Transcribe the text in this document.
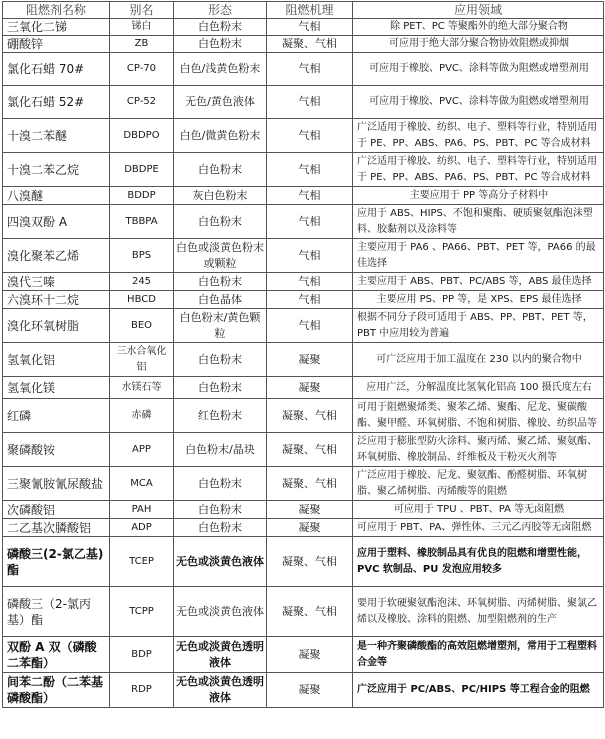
阻燃剂名称	别名	形态	阻燃机理	应用领域
三氧化二锑	锑白	白色粉末	气相	除 PET、PC 等聚酯外的绝大部分聚合物
硼酸锌	ZB	白色粉末	凝聚、气相	可应用于绝大部分聚合物协效阻燃或抑烟
氯化石蜡 70#	CP-70	白色/浅黄色粉末	气相	可应用于橡胶、PVC、涂料等做为阻燃或增塑剂用
氯化石蜡 52#	CP-52	无色/黄色液体	气相	可应用于橡胶、PVC、涂料等做为阻燃或增塑剂用
十溴二苯醚	DBDPO	白色/微黄色粉末	气相	广泛适用于橡胶、纺织、电子、塑料等行业，特别适用于 PE、PP、ABS、PA6、PS、PBT、PC 等合成材料
十溴二苯乙烷	DBDPE	白色粉末	气相	广泛适用于橡胶、纺织、电子、塑料等行业，特别适用于 PE、PP、ABS、PA6、PS、PBT、PC 等合成材料
八溴醚	BDDP	灰白色粉末	气相	主要应用于 PP 等高分子材料中
四溴双酚 A	TBBPA	白色粉末	气相	应用于 ABS、HIPS、不饱和聚酯、硬质聚氨酯泡沫塑料、胶黏剂以及涂料等
溴化聚苯乙烯	BPS	白色或淡黄色粉末或颗粒	气相	主要应用于 PA6 、PA66、PBT、PET 等，PA66 的最佳选择
溴代三嗪	245	白色粉末	气相	主要应用于 ABS、PBT、PC/ABS 等，ABS 最佳选择
六溴环十二烷	HBCD	白色晶体	气相	主要应用 PS、PP 等，是 XPS、EPS 最佳选择
溴化环氧树脂	BEO	白色粉末/黄色颗粒	气相	根据不同分子段可适用于 ABS、PP、PBT、PET 等，PBT 中应用较为普遍
氢氧化铝	三水合氧化铝	白色粉末	凝聚	可广泛应用于加工温度在 230 以内的聚合物中
氢氧化镁	水镁石等	白色粉末	凝聚	应用广泛，分解温度比氢氧化铝高 100 摄氏度左右
红磷	赤磷	红色粉末	凝聚、气相	可用于阻燃聚烯类、聚苯乙烯、聚酯、尼龙、聚碳酸酯、聚甲醛、环氧树脂、不饱和树脂、橡胶、纺织品等
聚磷酸铵	APP	白色粉末/晶块	凝聚、气相	泛应用于膨胀型防火涂料、聚丙烯、聚乙烯、聚氨酯、环氧树脂、橡胶制品、纤维板及干粉灭火剂等
三聚氰胺氰尿酸盐	MCA	白色粉末	凝聚、气相	广泛应用于橡胶、尼龙、聚氨酯、酚醛树脂、环氧树脂、聚乙烯树脂、丙烯酸等的阻燃
次磷酸铝	PAH	白色粉末	凝聚	可应用于 TPU 、PBT、PA 等无卤阻燃
二乙基次膦酸铝	ADP	白色粉末	凝聚	可应用于 PBT、PA、弹性体、三元乙丙胶等无卤阻燃
磷酸三(2-氯乙基)酯	TCEP	无色或淡黄色液体	凝聚、气相	应用于塑料、橡胶制品具有优良的阻燃和增塑性能，PVC 软制品、PU 发泡应用较多
磷酸三（2-氯丙基）酯	TCPP	无色或淡黄色液体	凝聚、气相	要用于软硬聚氨酯泡沫、环氧树脂、丙烯树脂、聚氯乙烯以及橡胶、涂料的阻燃、加型阻燃剂的生产
双酚 A 双（磷酸二苯酯）	BDP	无色或淡黄色透明液体	凝聚	是一种齐聚磷酸酯的高效阻燃增塑剂，常用于工程塑料合金等
间苯二酚（二苯基磷酸酯）	RDP	无色或淡黄色透明液体	凝聚	广泛应用于 PC/ABS、PC/HIPS 等工程合金的阻燃
